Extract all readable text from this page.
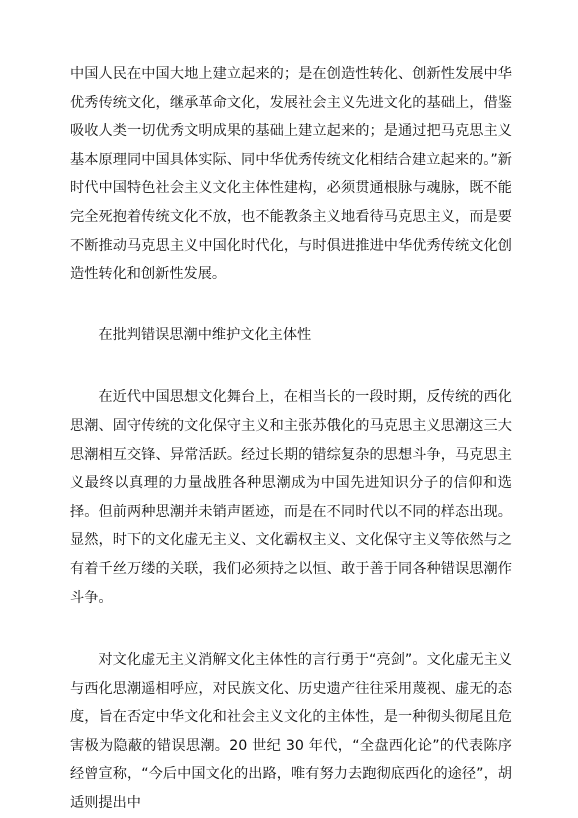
中国人民在中国大地上建立起来的；是在创造性转化、创新性发展中华优秀传统文化，继承革命文化，发展社会主义先进文化的基础上，借鉴吸收人类一切优秀文明成果的基础上建立起来的；是通过把马克思主义基本原理同中国具体实际、同中华优秀传统文化相结合建立起来的。”新时代中国特色社会主义文化主体性建构，必须贯通根脉与魂脉，既不能完全死抱着传统文化不放，也不能教条主义地看待马克思主义，而是要不断推动马克思主义中国化时代化，与时俱进推进中华优秀传统文化创造性转化和创新性发展。

在批判错误思潮中维护文化主体性

在近代中国思想文化舞台上，在相当长的一段时期，反传统的西化思潮、固守传统的文化保守主义和主张苏俄化的马克思主义思潮这三大思潮相互交锋、异常活跃。经过长期的错综复杂的思想斗争，马克思主义最终以真理的力量战胜各种思潮成为中国先进知识分子的信仰和选择。但前两种思潮并未销声匿迹，而是在不同时代以不同的样态出现。显然，时下的文化虚无主义、文化霸权主义、文化保守主义等依然与之有着千丝万缕的关联，我们必须持之以恒、敢于善于同各种错误思潮作斗争。

对文化虚无主义消解文化主体性的言行勇于“亮剑”。文化虚无主义与西化思潮遥相呼应，对民族文化、历史遗产往往采用蔑视、虚无的态度，旨在否定中华文化和社会主义文化的主体性，是一种彻头彻尾且危害极为隐蔽的错误思潮。20 世纪 30 年代，“全盘西化论”的代表陈序经曾宣称，“今后中国文化的出路，唯有努力去跑彻底西化的途径”，胡适则提出中
